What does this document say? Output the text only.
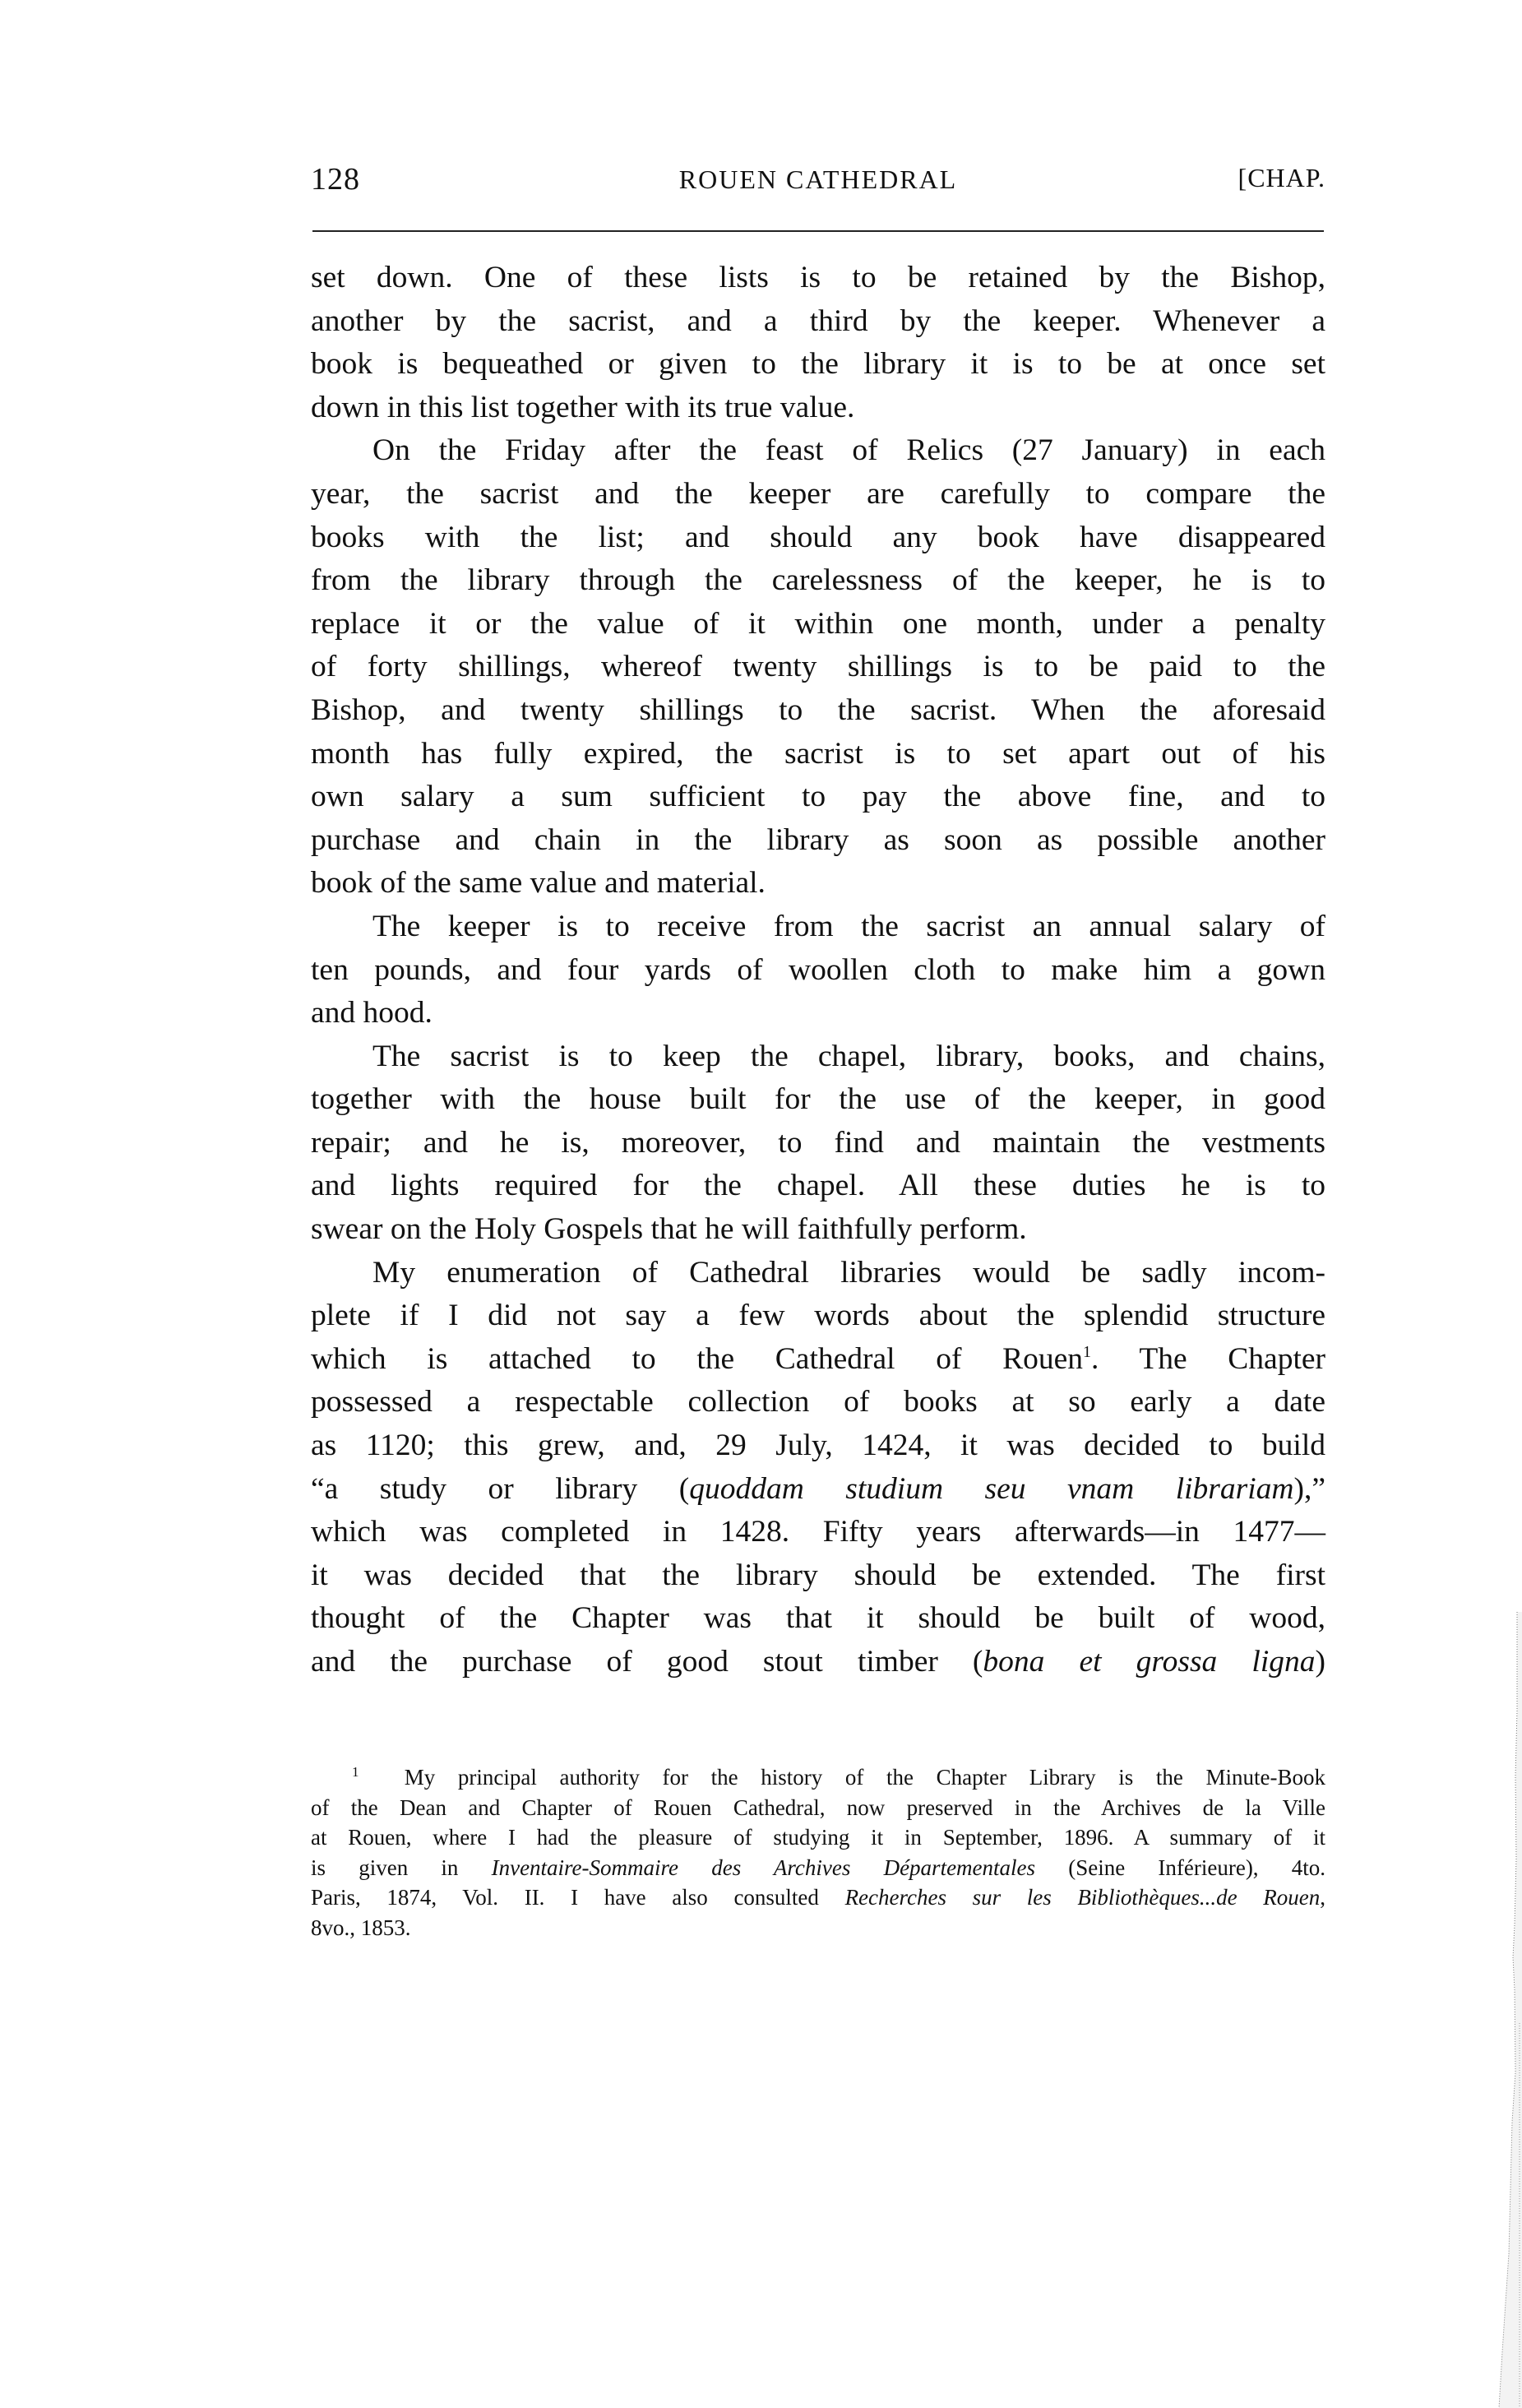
128	ROUEN CATHEDRAL	[CHAP.
set down. One of these lists is to be retained by the Bishop,
another by the sacrist, and a third by the keeper. Whenever a
book is bequeathed or given to the library it is to be at once set
down in this list together with its true value.
On the Friday after the feast of Relics (27 January) in each
year, the sacrist and the keeper are carefully to compare the
books with the list; and should any book have disappeared
from the library through the carelessness of the keeper, he is to
replace it or the value of it within one month, under a penalty
of forty shillings, whereof twenty shillings is to be paid to the
Bishop, and twenty shillings to the sacrist. When the aforesaid
month has fully expired, the sacrist is to set apart out of his
own salary a sum sufficient to pay the above fine, and to
purchase and chain in the library as soon as possible another
book of the same value and material.
The keeper is to receive from the sacrist an annual salary of
ten pounds, and four yards of woollen cloth to make him a gown
and hood.
The sacrist is to keep the chapel, library, books, and chains,
together with the house built for the use of the keeper, in good
repair; and he is, moreover, to find and maintain the vestments
and lights required for the chapel. All these duties he is to
swear on the Holy Gospels that he will faithfully perform.
My enumeration of Cathedral libraries would be sadly incom-
plete if I did not say a few words about the splendid structure
which is attached to the Cathedral of Rouen$^1$. The Chapter
possessed a respectable collection of books at so early a date
as 1120; this grew, and, 29 July, 1424, it was decided to build
“a study or library (quoddam studium seu vnam librariam),”
which was completed in 1428. Fifty years afterwards—in 1477—
it was decided that the library should be extended. The first
thought of the Chapter was that it should be built of wood,
and the purchase of good stout timber (bona et grossa ligna)
$^1$ My principal authority for the history of the Chapter Library is the Minute-Book
of the Dean and Chapter of Rouen Cathedral, now preserved in the Archives de la Ville
at Rouen, where I had the pleasure of studying it in September, 1896. A summary of it
is given in Inventaire-Sommaire des Archives Départementales (Seine Inférieure), 4to.
Paris, 1874, Vol. II. I have also consulted Recherches sur les Bibliothèques...de Rouen,
8vo., 1853.
